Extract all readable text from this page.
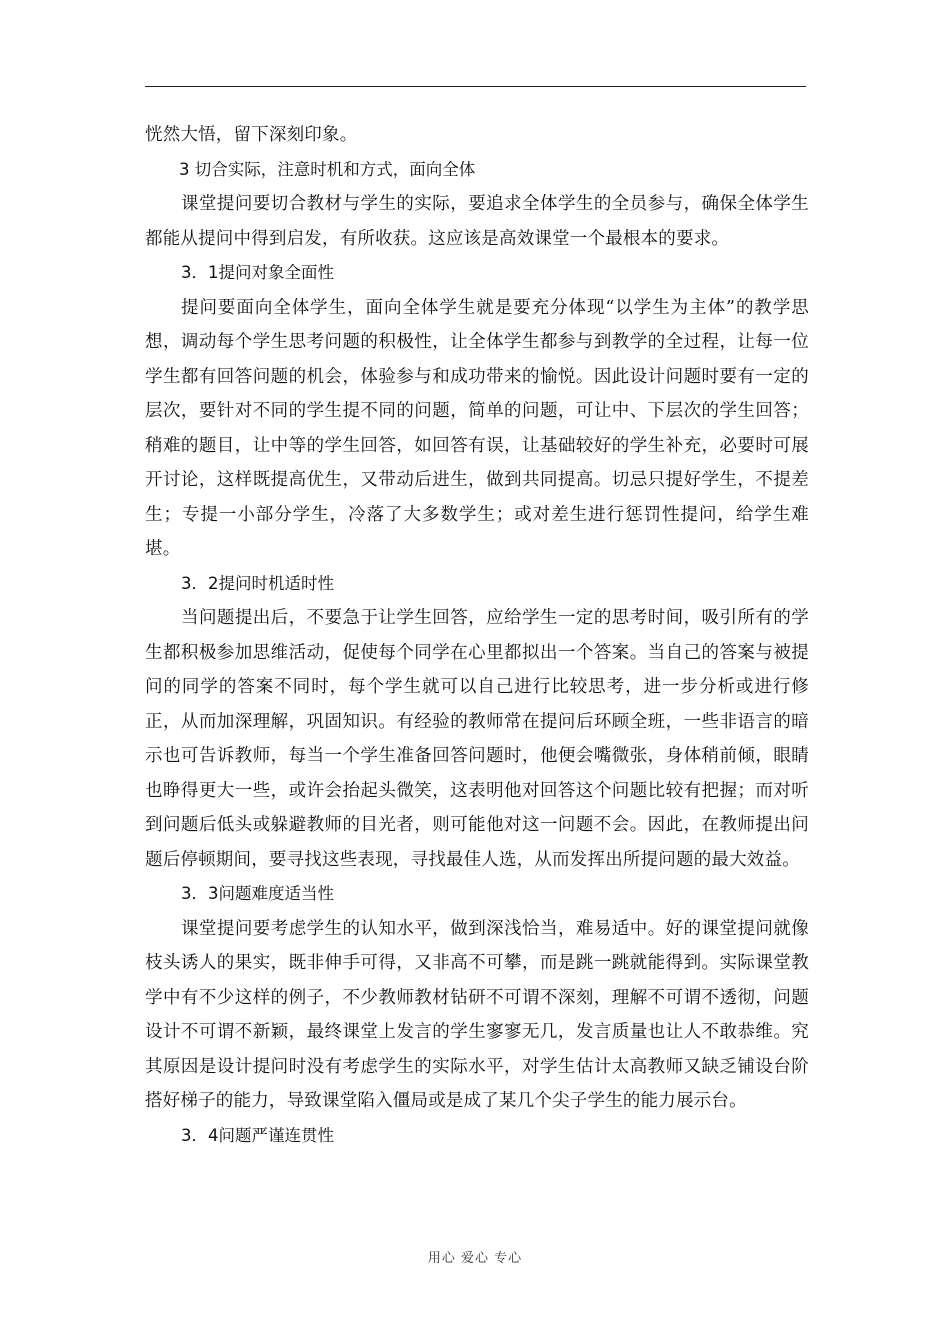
恍然大悟，留下深刻印象。

3 切合实际，注意时机和方式，面向全体

课堂提问要切合教材与学生的实际，要追求全体学生的全员参与，确保全体学生都能从提问中得到启发，有所收获。这应该是高效课堂一个最根本的要求。

3．1提问对象全面性

提问要面向全体学生，面向全体学生就是要充分体现“以学生为主体”的教学思想，调动每个学生思考问题的积极性，让全体学生都参与到教学的全过程，让每一位学生都有回答问题的机会，体验参与和成功带来的愉悦。因此设计问题时要有一定的层次，要针对不同的学生提不同的问题，简单的问题，可让中、下层次的学生回答；稍难的题目，让中等的学生回答，如回答有误，让基础较好的学生补充，必要时可展开讨论，这样既提高优生，又带动后进生，做到共同提高。切忌只提好学生，不提差生；专提一小部分学生，冷落了大多数学生；或对差生进行惩罚性提问，给学生难堪。

3．2提问时机适时性

当问题提出后，不要急于让学生回答，应给学生一定的思考时间，吸引所有的学生都积极参加思维活动，促使每个同学在心里都拟出一个答案。当自己的答案与被提问的同学的答案不同时，每个学生就可以自己进行比较思考，进一步分析或进行修正，从而加深理解，巩固知识。有经验的教师常在提问后环顾全班，一些非语言的暗示也可告诉教师，每当一个学生准备回答问题时，他便会嘴微张，身体稍前倾，眼睛也睁得更大一些，或许会抬起头微笑，这表明他对回答这个问题比较有把握；而对听到问题后低头或躲避教师的目光者，则可能他对这一问题不会。因此，在教师提出问题后停顿期间，要寻找这些表现，寻找最佳人选，从而发挥出所提问题的最大效益。

3．3问题难度适当性

课堂提问要考虑学生的认知水平，做到深浅恰当，难易适中。好的课堂提问就像枝头诱人的果实，既非伸手可得，又非高不可攀，而是跳一跳就能得到。实际课堂教学中有不少这样的例子，不少教师教材钻研不可谓不深刻，理解不可谓不透彻，问题设计不可谓不新颖，最终课堂上发言的学生寥寥无几，发言质量也让人不敢恭维。究其原因是设计提问时没有考虑学生的实际水平，对学生估计太高教师又缺乏铺设台阶搭好梯子的能力，导致课堂陷入僵局或是成了某几个尖子学生的能力展示台。

3．4问题严谨连贯性

用心 爱心 专心
